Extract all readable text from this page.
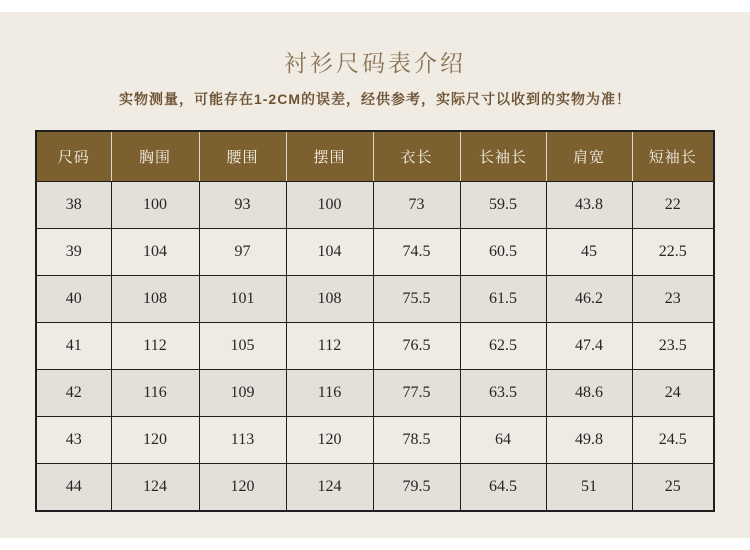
衬衫尺码表介绍

实物测量，可能存在1-2CM的误差，经供参考，实际尺寸以收到的实物为准！

尺码	胸围	腰围	摆围	衣长	长袖长	肩宽	短袖长
38	100	93	100	73	59.5	43.8	22
39	104	97	104	74.5	60.5	45	22.5
40	108	101	108	75.5	61.5	46.2	23
41	112	105	112	76.5	62.5	47.4	23.5
42	116	109	116	77.5	63.5	48.6	24
43	120	113	120	78.5	64	49.8	24.5
44	124	120	124	79.5	64.5	51	25
